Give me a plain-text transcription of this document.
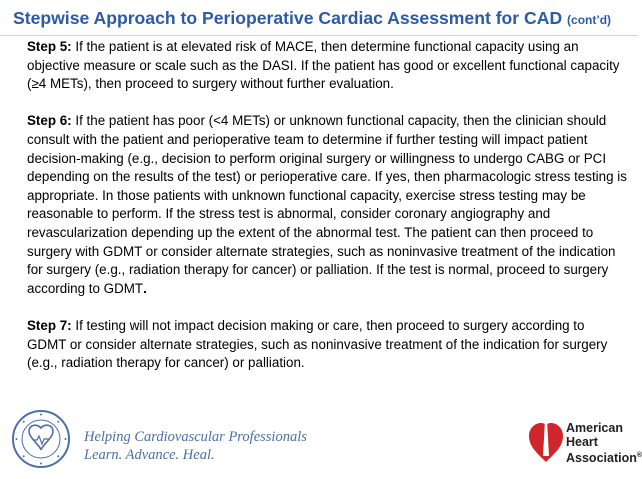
Stepwise Approach to Perioperative Cardiac Assessment for CAD (cont’d)

Step 5: If the patient is at elevated risk of MACE, then determine functional capacity using an objective measure or scale such as the DASI. If the patient has good or excellent functional capacity (≥4 METs), then proceed to surgery without further evaluation.

Step 6: If the patient has poor (<4 METs) or unknown functional capacity, then the clinician should consult with the patient and perioperative team to determine if further testing will impact patient decision-making (e.g., decision to perform original surgery or willingness to undergo CABG or PCI depending on the results of the test) or perioperative care. If yes, then pharmacologic stress testing is appropriate. In those patients with unknown functional capacity, exercise stress testing may be reasonable to perform. If the stress test is abnormal, consider coronary angiography and revascularization depending up the extent of the abnormal test. The patient can then proceed to surgery with GDMT or consider alternate strategies, such as noninvasive treatment of the indication for surgery (e.g., radiation therapy for cancer) or palliation. If the test is normal, proceed to surgery according to GDMT.

Step 7: If testing will not impact decision making or care, then proceed to surgery according to GDMT or consider alternate strategies, such as noninvasive treatment of the indication for surgery (e.g., radiation therapy for cancer) or palliation.

Helping Cardiovascular Professionals
Learn. Advance. Heal.
American
Heart
Association®
